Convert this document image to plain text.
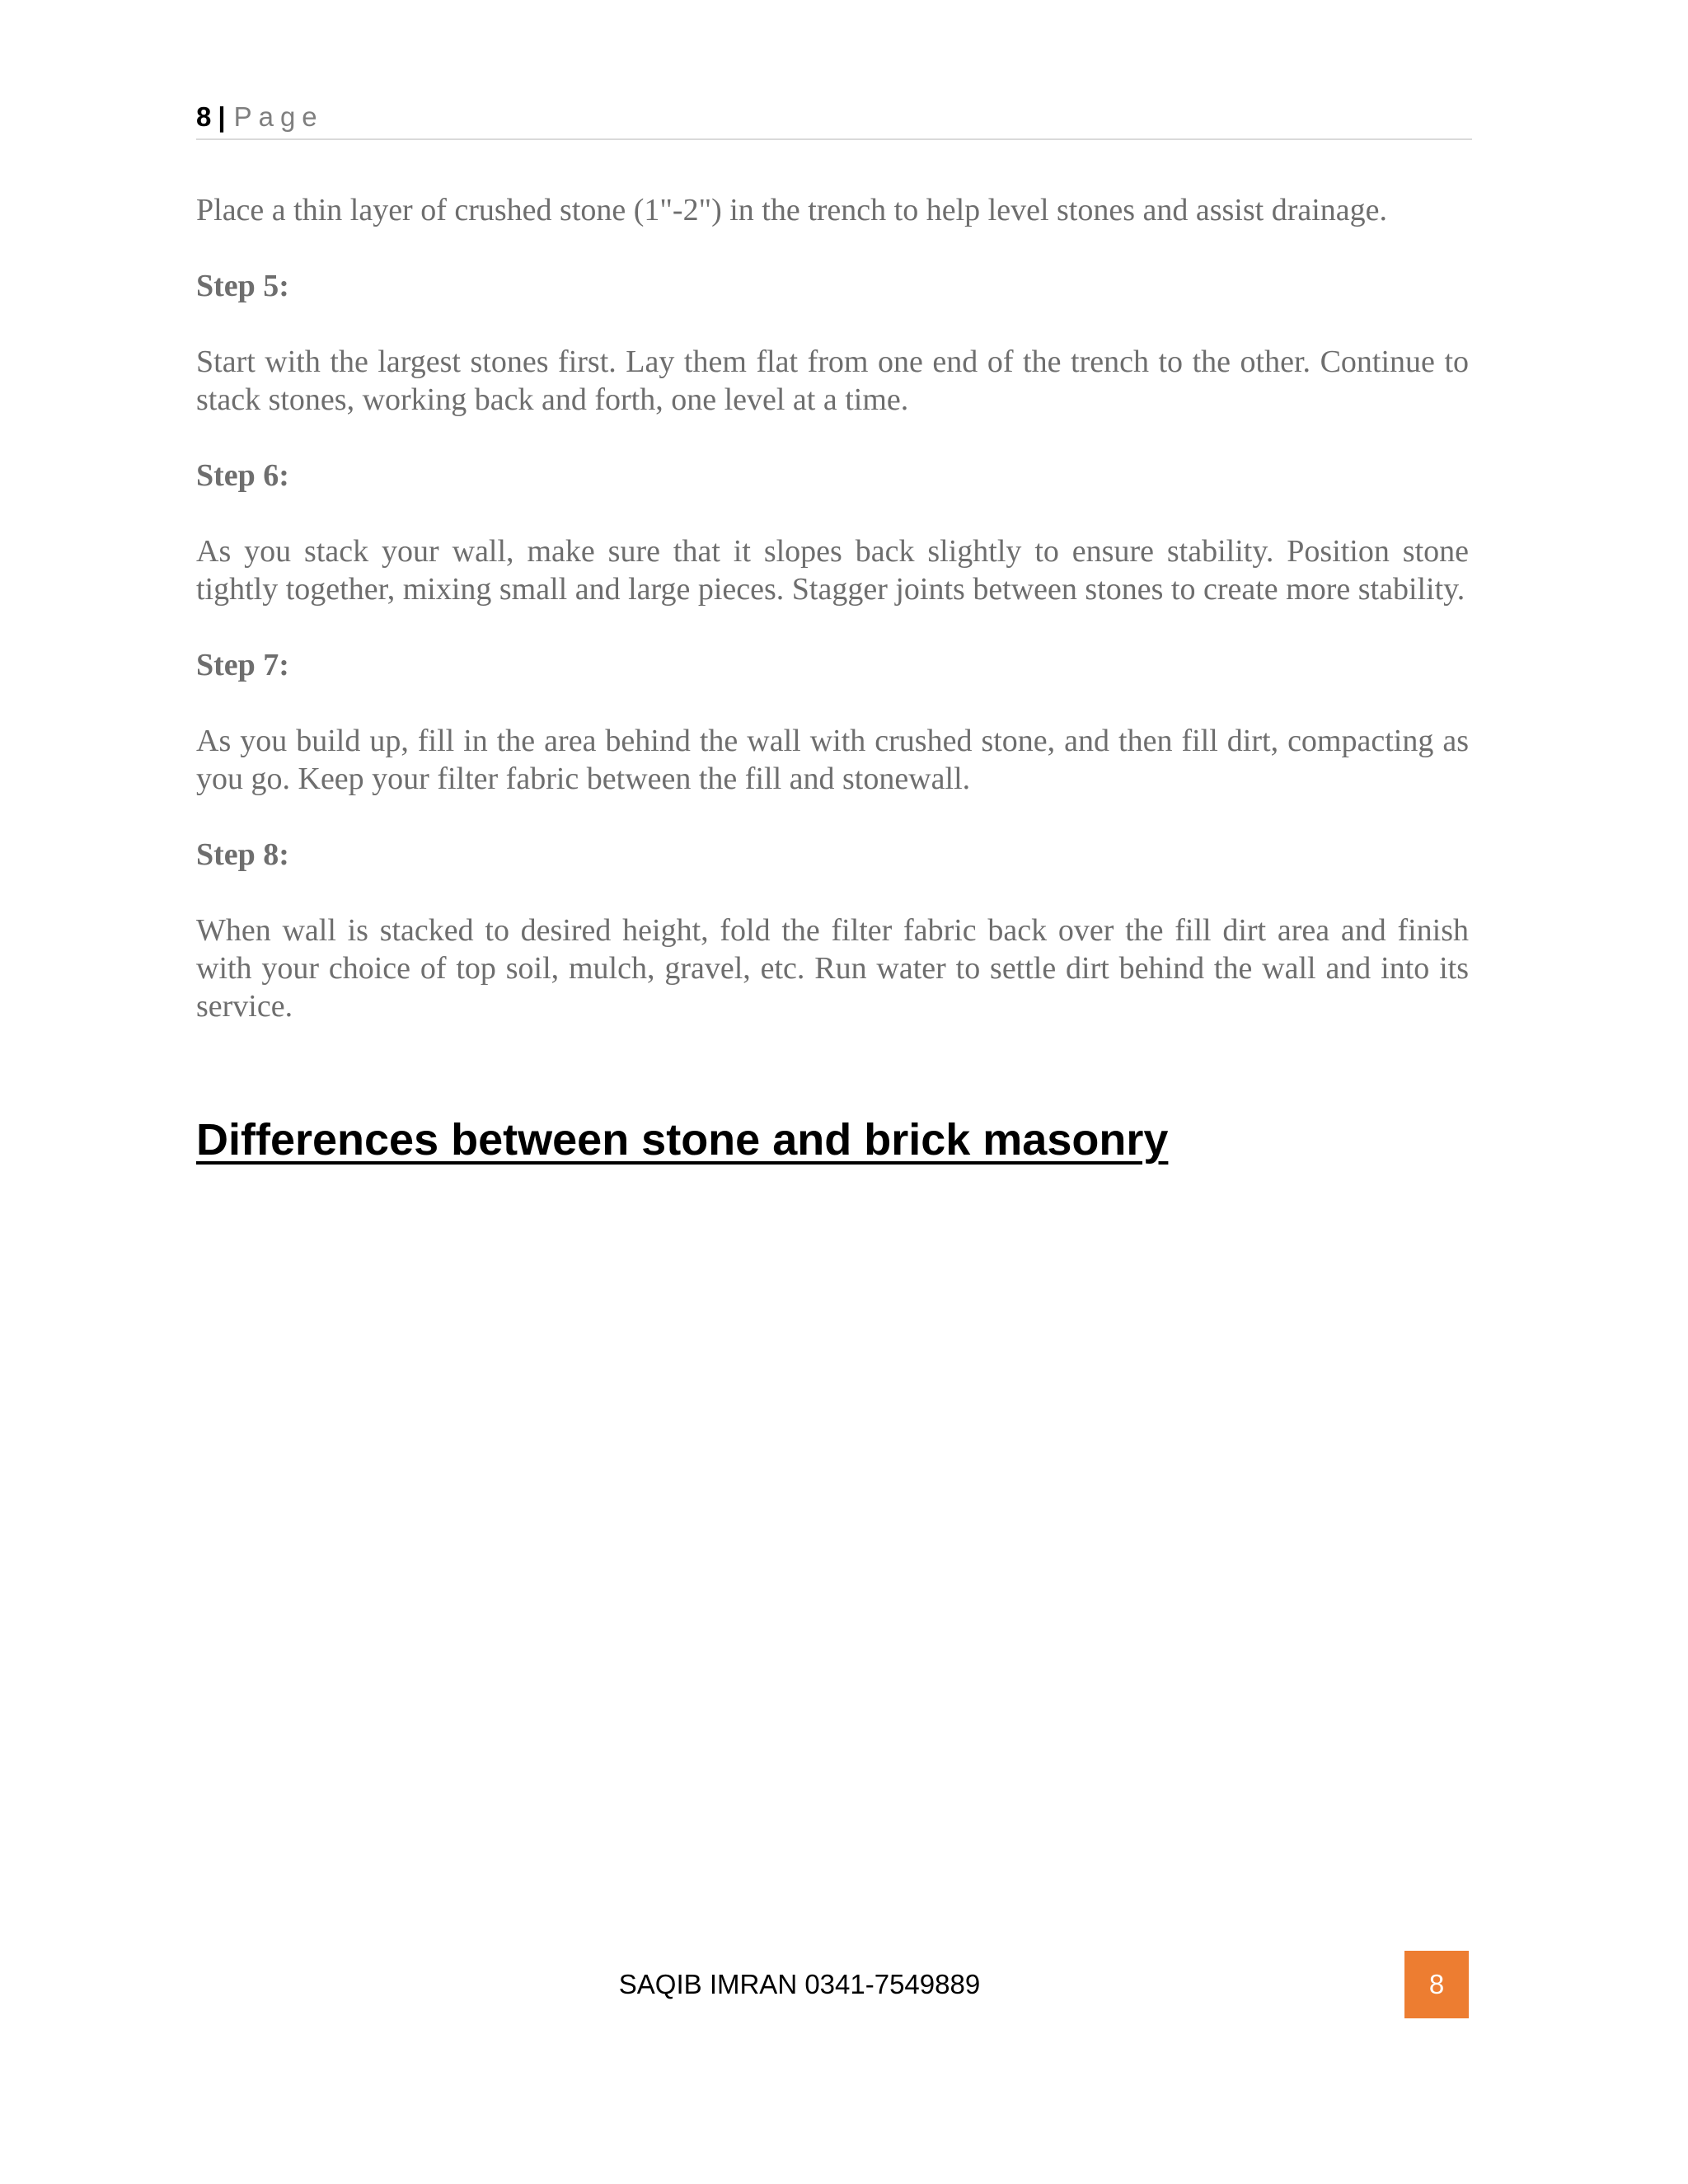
8 | Page

Place a thin layer of crushed stone (1"-2") in the trench to help level stones and assist drainage.

Step 5:

Start with the largest stones first. Lay them flat from one end of the trench to the other. Continue to stack stones, working back and forth, one level at a time.

Step 6:

As you stack your wall, make sure that it slopes back slightly to ensure stability. Position stone tightly together, mixing small and large pieces. Stagger joints between stones to create more stability.

Step 7:

As you build up, fill in the area behind the wall with crushed stone, and then fill dirt, compacting as you go. Keep your filter fabric between the fill and stonewall.

Step 8:

When wall is stacked to desired height, fold the filter fabric back over the fill dirt area and finish with your choice of top soil, mulch, gravel, etc. Run water to settle dirt behind the wall and into its service.

Differences between stone and brick masonry
SAQIB IMRAN 0341-7549889	8
